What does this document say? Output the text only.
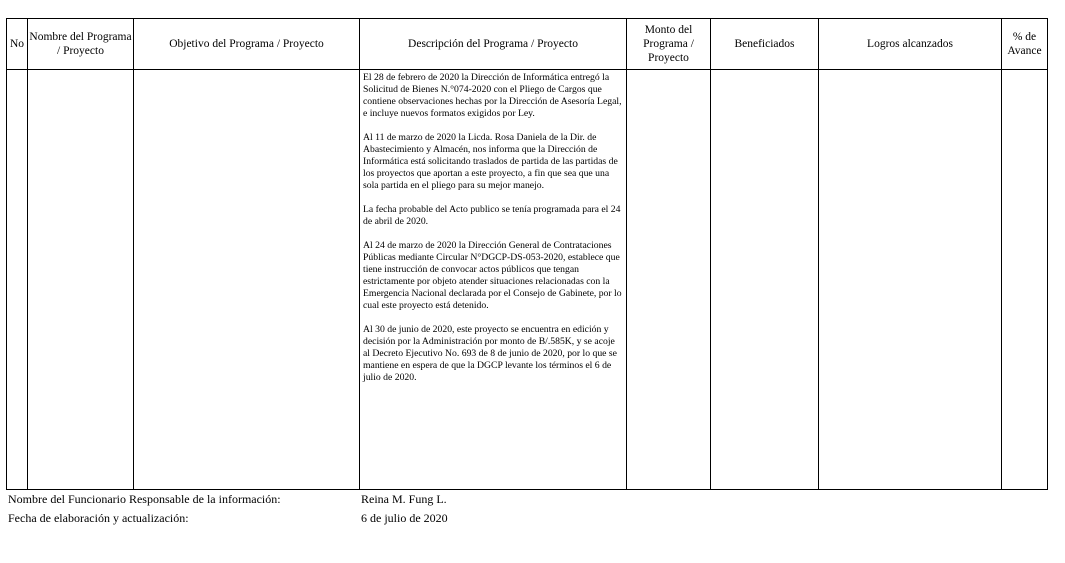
No	Nombre del Programa / Proyecto	Objetivo del Programa / Proyecto	Descripción del Programa / Proyecto	Monto del Programa / Proyecto	Beneficiados	Logros alcanzados	% de Avance

			El 28 de febrero de 2020 la Dirección de Informática entregó la Solicitud de Bienes N.°074-2020 con el Pliego de Cargos que contiene observaciones hechas por la Dirección de Asesoría Legal, e incluye nuevos formatos exigidos por Ley.

Al 11 de marzo de 2020 la Licda. Rosa Daniela de la Dir. de Abastecimiento y Almacén, nos informa que la Dirección de Informática está solicitando traslados de partida de las partidas de los proyectos que aportan a este proyecto, a fin que sea que una sola partida en el pliego para su mejor manejo.

La fecha probable del Acto publico se tenía programada para el 24 de abril de 2020.

Al 24 de marzo de 2020 la Dirección General de Contrataciones Públicas mediante Circular N°DGCP-DS-053-2020, establece que tiene instrucción de convocar actos públicos que tengan estrictamente por objeto atender situaciones relacionadas con la Emergencia Nacional declarada por el Consejo de Gabinete, por lo cual este proyecto está detenido.

Al 30 de junio de 2020, este proyecto se encuentra en edición y decisión por la Administración por monto de B/.585K, y se acoje al Decreto Ejecutivo No. 693 de 8 de junio de 2020, por lo que se mantiene en espera de que la DGCP levante los términos el 6 de julio de 2020.				

Nombre del Funcionario Responsable de la información:	Reina M. Fung L.
Fecha de elaboración y actualización:	6 de julio de 2020
